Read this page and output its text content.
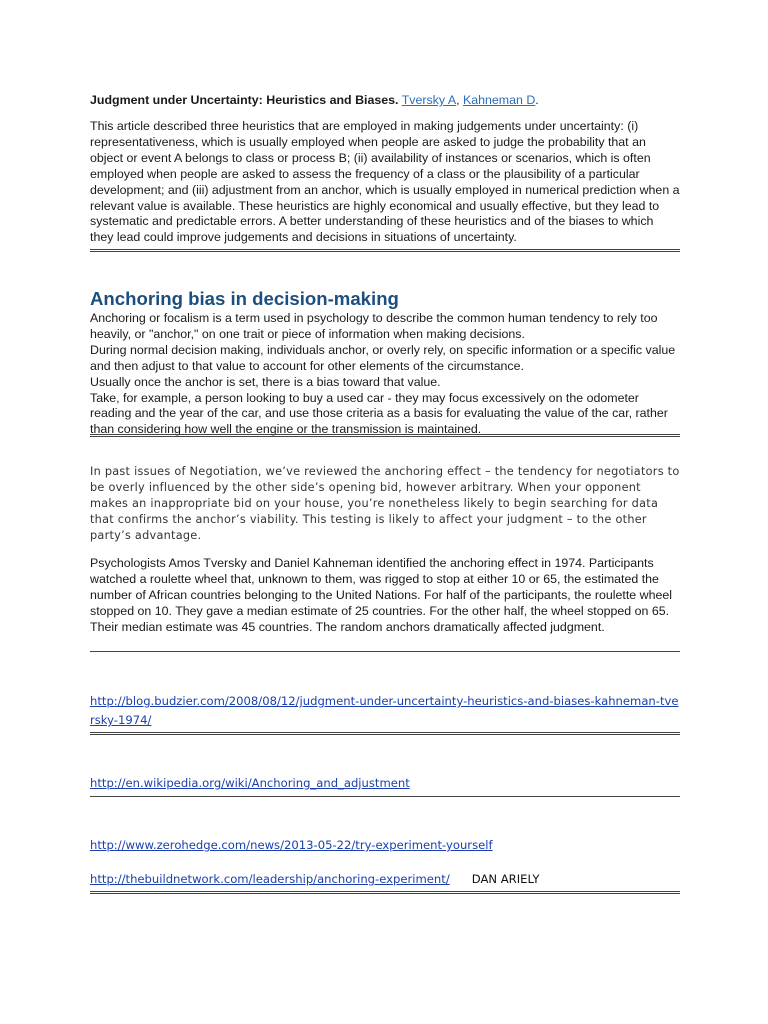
Judgment under Uncertainty: Heuristics and Biases. Tversky A, Kahneman D.

This article described three heuristics that are employed in making judgements under uncertainty: (i) representativeness, which is usually employed when people are asked to judge the probability that an object or event A belongs to class or process B; (ii) availability of instances or scenarios, which is often employed when people are asked to assess the frequency of a class or the plausibility of a particular development; and (iii) adjustment from an anchor, which is usually employed in numerical prediction when a relevant value is available. These heuristics are highly economical and usually effective, but they lead to systematic and predictable errors. A better understanding of these heuristics and of the biases to which they lead could improve judgements and decisions in situations of uncertainty.

Anchoring bias in decision-making

Anchoring or focalism is a term used in psychology to describe the common human tendency to rely too heavily, or "anchor," on one trait or piece of information when making decisions.

During normal decision making, individuals anchor, or overly rely, on specific information or a specific value and then adjust to that value to account for other elements of the circumstance.

Usually once the anchor is set, there is a bias toward that value.

Take, for example, a person looking to buy a used car - they may focus excessively on the odometer reading and the year of the car, and use those criteria as a basis for evaluating the value of the car, rather than considering how well the engine or the transmission is maintained.

In past issues of Negotiation, we’ve reviewed the anchoring effect – the tendency for negotiators to be overly influenced by the other side’s opening bid, however arbitrary. When your opponent makes an inappropriate bid on your house, you’re nonetheless likely to begin searching for data that confirms the anchor’s viability. This testing is likely to affect your judgment – to the other party’s advantage.

Psychologists Amos Tversky and Daniel Kahneman identified the anchoring effect in 1974. Participants watched a roulette wheel that, unknown to them, was rigged to stop at either 10 or 65, the estimated the number of African countries belonging to the United Nations. For half of the participants, the roulette wheel stopped on 10. They gave a median estimate of 25 countries. For the other half, the wheel stopped on 65. Their median estimate was 45 countries. The random anchors dramatically affected judgment.

http://blog.budzier.com/2008/08/12/judgment-under-uncertainty-heuristics-and-biases-kahneman-tversky-1974/
http://en.wikipedia.org/wiki/Anchoring_and_adjustment
http://www.zerohedge.com/news/2013-05-22/try-experiment-yourself
http://thebuildnetwork.com/leadership/anchoring-experiment/ DAN ARIELY
